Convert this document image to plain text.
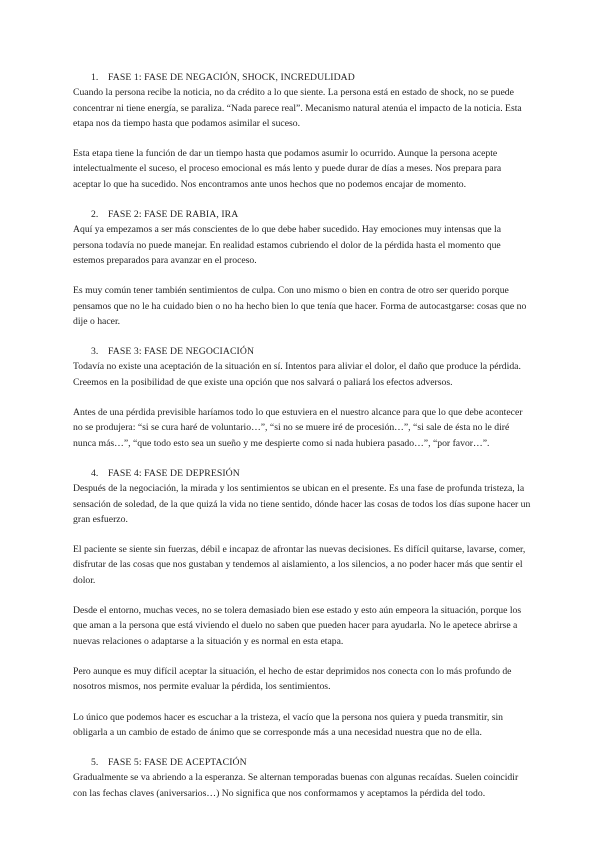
1.	FASE 1: FASE DE NEGACIÓN, SHOCK, INCREDULIDAD

Cuando la persona recibe la noticia, no da crédito a lo que siente. La persona está en estado de shock, no se puede concentrar ni tiene energía, se paraliza. “Nada parece real”. Mecanismo natural atenúa el impacto de la noticia. Esta etapa nos da tiempo hasta que podamos asimilar el suceso.

Esta etapa tiene la función de dar un tiempo hasta que podamos asumir lo ocurrido. Aunque la persona acepte intelectualmente el suceso, el proceso emocional es más lento y puede durar de días a meses. Nos prepara para aceptar lo que ha sucedido. Nos encontramos ante unos hechos que no podemos encajar de momento.

2.	FASE 2: FASE DE RABIA, IRA

Aquí ya empezamos a ser más conscientes de lo que debe haber sucedido. Hay emociones muy intensas que la persona todavía no puede manejar. En realidad estamos cubriendo el dolor de la pérdida hasta el momento que estemos preparados para avanzar en el proceso.

Es muy común tener también sentimientos de culpa. Con uno mismo o bien en contra de otro ser querido porque pensamos que no le ha cuidado bien o no ha hecho bien lo que tenía que hacer. Forma de autocastgarse: cosas que no dije o hacer.

3.	FASE 3: FASE DE NEGOCIACIÓN

Todavía no existe una aceptación de la situación en sí. Intentos para aliviar el dolor, el daño que produce la pérdida. Creemos en la posibilidad de que existe una opción que nos salvará o paliará los efectos adversos.

Antes de una pérdida previsible haríamos todo lo que estuviera en el nuestro alcance para que lo que debe acontecer no se produjera: “si se cura haré de voluntario…”, “si no se muere iré de procesión…”, “si sale de ésta no le diré nunca más…”, “que todo esto sea un sueño y me despierte como si nada hubiera pasado…”, “por favor…”.

4.	FASE 4: FASE DE DEPRESIÓN

Después de la negociación, la mirada y los sentimientos se ubican en el presente. Es una fase de profunda tristeza, la sensación de soledad, de la que quizá la vida no tiene sentido, dónde hacer las cosas de todos los días supone hacer un gran esfuerzo.

El paciente se siente sin fuerzas, débil e incapaz de afrontar las nuevas decisiones. Es difícil quitarse, lavarse, comer, disfrutar de las cosas que nos gustaban y tendemos al aislamiento, a los silencios, a no poder hacer más que sentir el dolor.

Desde el entorno, muchas veces, no se tolera demasiado bien ese estado y esto aún empeora la situación, porque los que aman a la persona que está viviendo el duelo no saben que pueden hacer para ayudarla. No le apetece abrirse a nuevas relaciones o adaptarse a la situación y es normal en esta etapa.

Pero aunque es muy difícil aceptar la situación, el hecho de estar deprimidos nos conecta con lo más profundo de nosotros mismos, nos permite evaluar la pérdida, los sentimientos.

Lo único que podemos hacer es escuchar a la tristeza, el vacío que la persona nos quiera y pueda transmitir, sin obligarla a un cambio de estado de ánimo que se corresponde más a una necesidad nuestra que no de ella.

5.	FASE 5: FASE DE ACEPTACIÓN

Gradualmente se va abriendo a la esperanza. Se alternan temporadas buenas con algunas recaídas. Suelen coincidir con las fechas claves (aniversarios…) No significa que nos conformamos y aceptamos la pérdida del todo.
